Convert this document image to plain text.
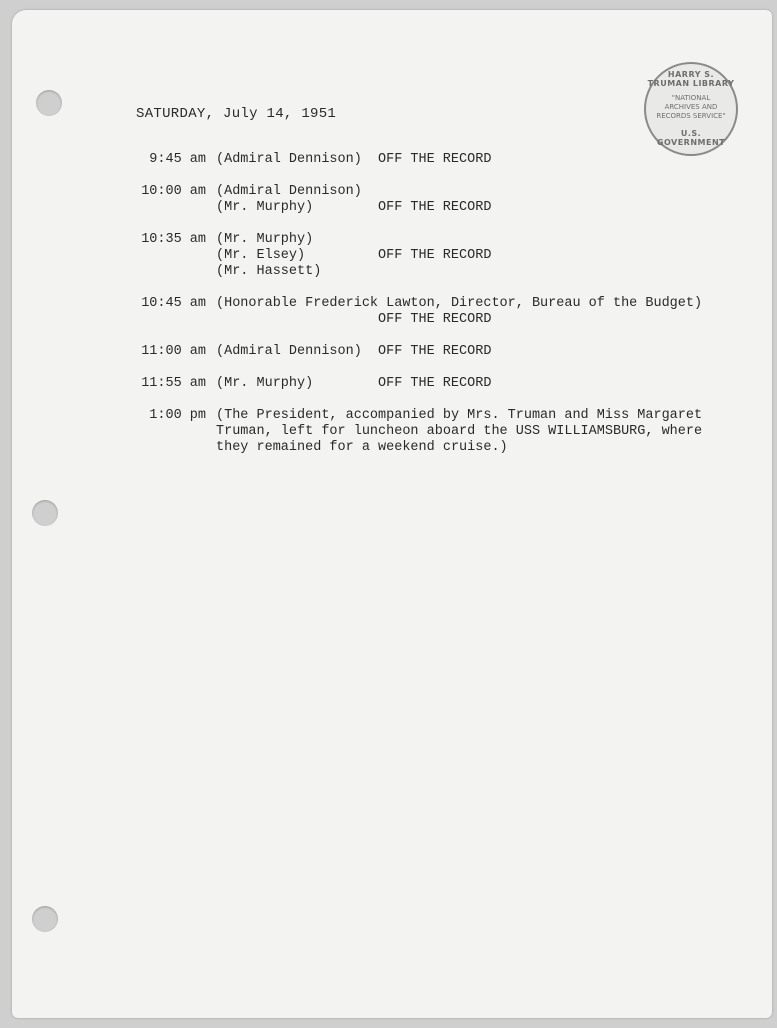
HARRY S. TRUMAN LIBRARY
"NATIONAL ARCHIVES AND RECORDS SERVICE"
U.S. GOVERNMENT
SATURDAY, July 14, 1951
9:45 am (Admiral Dennison) OFF THE RECORD
10:00 am (Admiral Dennison)
(Mr. Murphy)	OFF THE RECORD
10:35 am (Mr. Murphy)
(Mr. Elsey)
(Mr. Hassett)
OFF THE RECORD
10:45 am (Honorable Frederick Lawton, Director, Bureau of the Budget)
OFF THE RECORD
11:00 am (Admiral Dennison) OFF THE RECORD
11:55 am (Mr. Murphy)	OFF THE RECORD
1:00 pm (The President, accompanied by Mrs. Truman and Miss Margaret
Truman, left for luncheon aboard the USS WILLIAMSBURG, where
they remained for a weekend cruise.)
